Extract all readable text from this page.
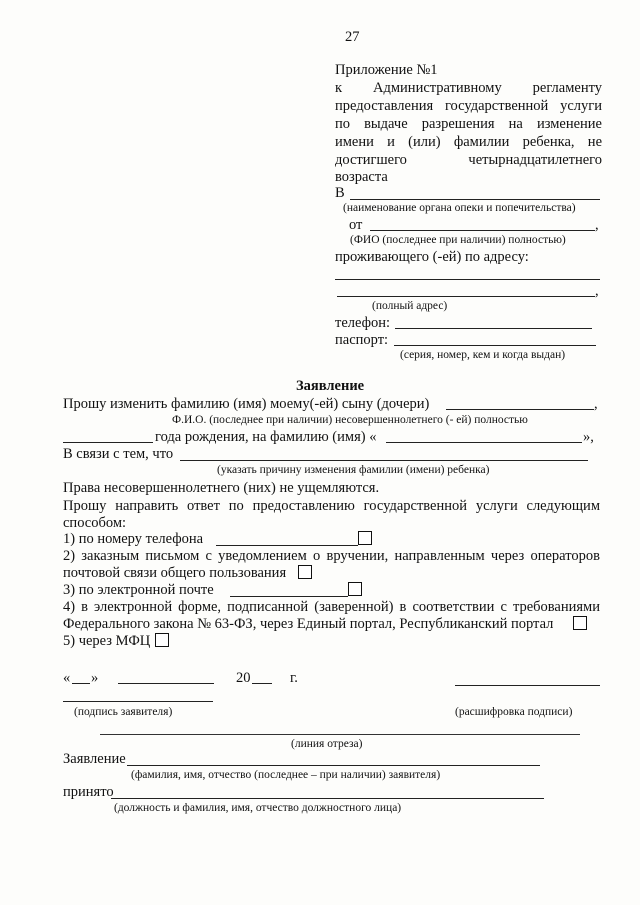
27
Приложение №1
к Административному регламенту
предоставления государственной услуги
по выдаче разрешения на изменение
имени и (или) фамилии ребенка, не
достигшего четырнадцатилетнего
возраста
В
(наименование органа опеки и попечительства)
от	,
(ФИО (последнее при наличии) полностью)
проживающего (-ей) по адресу:
,
(полный адрес)
телефон:
паспорт:
(серия, номер, кем и когда выдан)
Заявление
Прошу изменить фамилию (имя) моему(-ей) сыну (дочери)	,
Ф.И.О. (последнее при наличии) несовершеннолетнего (- ей) полностью
года рождения, на фамилию (имя) «	»,
В связи с тем, что
(указать причину изменения фамилии (имени) ребенка)
Права несовершеннолетнего (них) не ущемляются.
Прошу направить ответ по предоставлению государственной услуги следующим
способом:
1) по номеру телефона
2) заказным письмом с уведомлением о вручении, направленным через операторов
почтовой связи общего пользования
3) по электронной почте
4) в электронной форме, подписанной (заверенной) в соответствии с требованиями
Федерального закона № 63-ФЗ, через Единый портал, Республиканский портал
5) через МФЦ
« »	20	г.
(подпись заявителя)	(расшифровка подписи)
(линия отреза)
Заявление
(фамилия, имя, отчество (последнее – при наличии) заявителя)
принято
(должность и фамилия, имя, отчество должностного лица)
